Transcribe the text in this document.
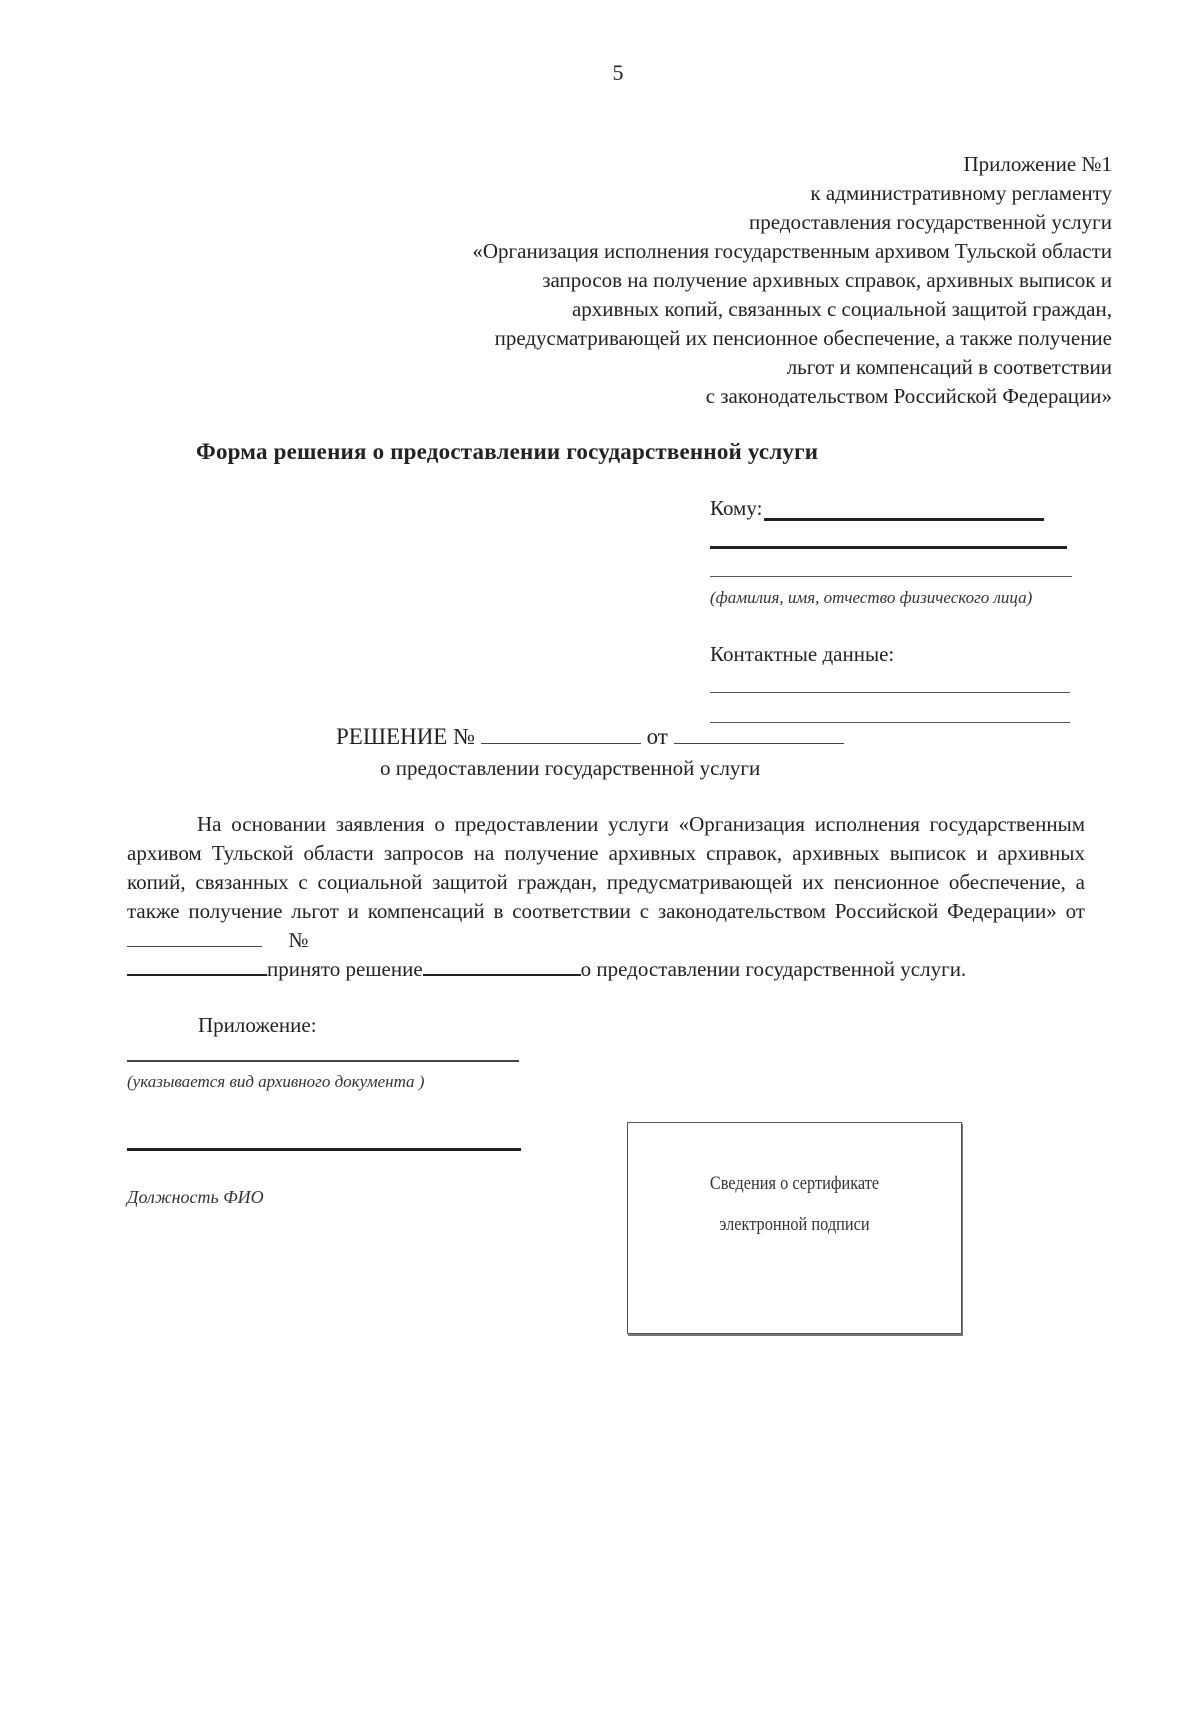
5
Приложение №1
к административному регламенту
предоставления государственной услуги
«Организация исполнения государственным архивом Тульской области
запросов на получение архивных справок, архивных выписок и
архивных копий, связанных с социальной защитой граждан,
предусматривающей их пенсионное обеспечение, а также получение
льгот и компенсаций в соответствии
с законодательством Российской Федерации»
Форма решения о предоставлении государственной услуги
Кому:
(фамилия, имя, отчество физического лица)
Контактные данные:
РЕШЕНИЕ №	от
о предоставлении государственной услуги
На основании заявления о предоставлении услуги «Организация исполнения государственным архивом Тульской области запросов на получение архивных справок, архивных выписок и архивных копий, связанных с социальной защитой граждан, предусматривающей их пенсионное обеспечение, а также получение льгот и компенсаций в соответствии с законодательством Российской Федерации» от   №
принято решение	о предоставлении государственной услуги.
Приложение:
(указывается вид архивного документа )
Должность ФИО
Сведения о сертификате
электронной подписи
